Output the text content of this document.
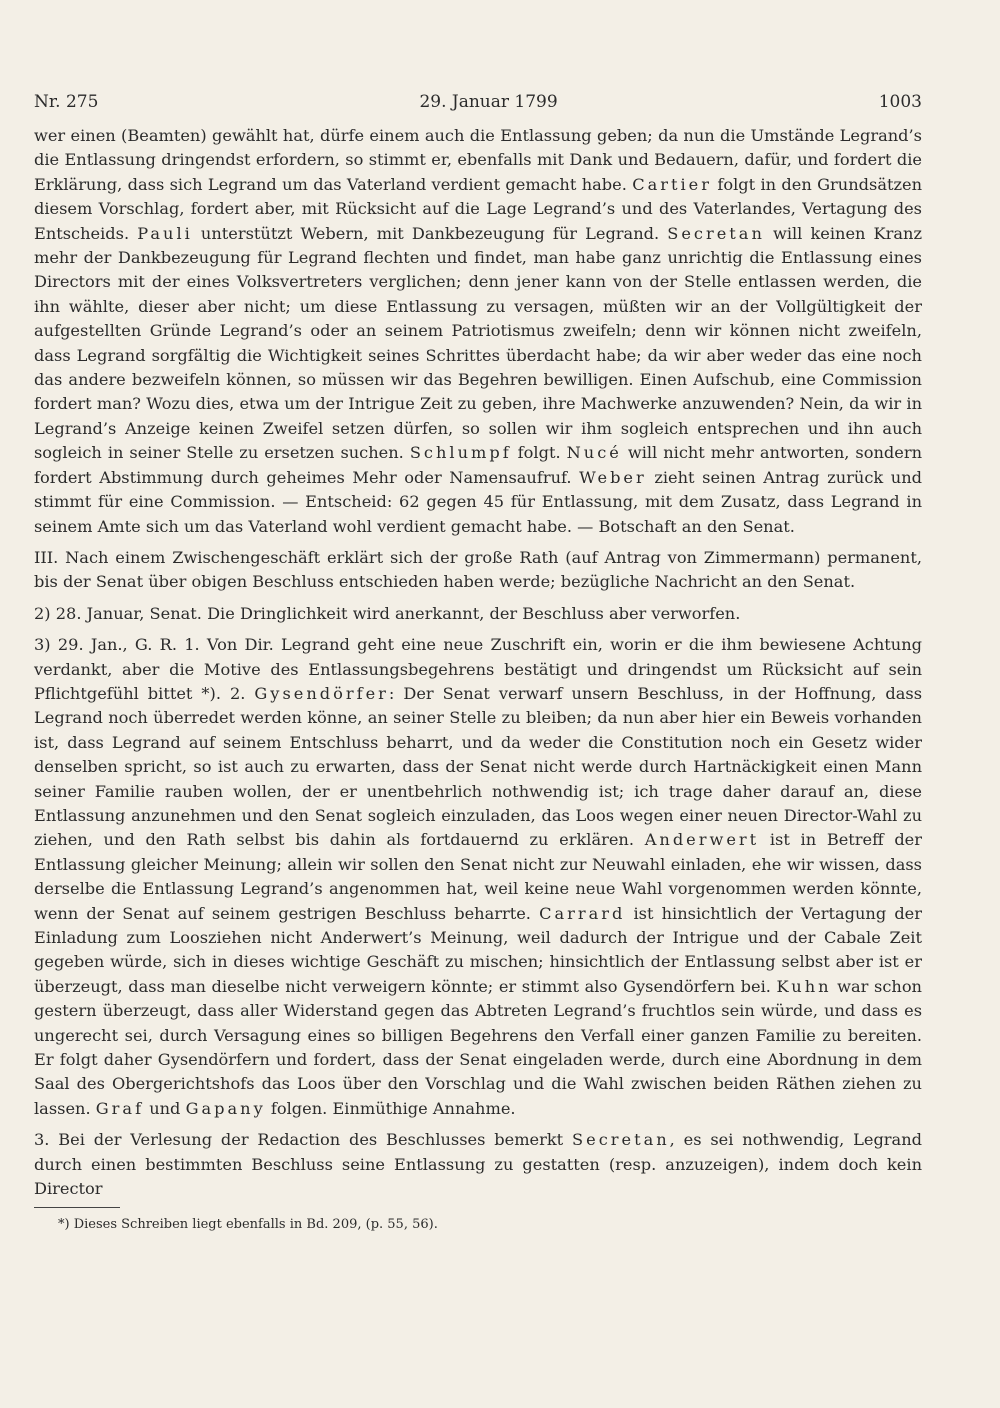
Nr. 275	29. Januar 1799	1003

wer einen (Beamten) gewählt hat, dürfe einem auch die Entlassung geben; da nun die Umstände Legrand’s die Entlassung dringendst erfordern, so stimmt er, ebenfalls mit Dank und Bedauern, dafür, und fordert die Erklärung, dass sich Legrand um das Vaterland verdient gemacht habe. Cartier folgt in den Grundsätzen diesem Vorschlag, fordert aber, mit Rücksicht auf die Lage Legrand’s und des Vaterlandes, Vertagung des Entscheids. Pauli unterstützt Webern, mit Dankbezeugung für Legrand. Secretan will keinen Kranz mehr der Dankbezeugung für Legrand flechten und findet, man habe ganz unrichtig die Entlassung eines Directors mit der eines Volksvertreters verglichen; denn jener kann von der Stelle entlassen werden, die ihn wählte, dieser aber nicht; um diese Entlassung zu versagen, müßten wir an der Vollgültigkeit der aufgestellten Gründe Legrand’s oder an seinem Patriotismus zweifeln; denn wir können nicht zweifeln, dass Legrand sorgfältig die Wichtigkeit seines Schrittes überdacht habe; da wir aber weder das eine noch das andere bezweifeln können, so müssen wir das Begehren bewilligen. Einen Aufschub, eine Commission fordert man? Wozu dies, etwa um der Intrigue Zeit zu geben, ihre Machwerke anzuwenden? Nein, da wir in Legrand’s Anzeige keinen Zweifel setzen dürfen, so sollen wir ihm sogleich entsprechen und ihn auch sogleich in seiner Stelle zu ersetzen suchen. Schlumpf folgt. Nucé will nicht mehr antworten, sondern fordert Abstimmung durch geheimes Mehr oder Namensaufruf. Weber zieht seinen Antrag zurück und stimmt für eine Commission. — Entscheid: 62 gegen 45 für Entlassung, mit dem Zusatz, dass Legrand in seinem Amte sich um das Vaterland wohl verdient gemacht habe. — Botschaft an den Senat.

III. Nach einem Zwischengeschäft erklärt sich der große Rath (auf Antrag von Zimmermann) permanent, bis der Senat über obigen Beschluss entschieden haben werde; bezügliche Nachricht an den Senat.

2) 28. Januar, Senat. Die Dringlichkeit wird anerkannt, der Beschluss aber verworfen.

3) 29. Jan., G. R. 1. Von Dir. Legrand geht eine neue Zuschrift ein, worin er die ihm bewiesene Achtung verdankt, aber die Motive des Entlassungsbegehrens bestätigt und dringendst um Rücksicht auf sein Pflichtgefühl bittet *). 2. Gysendörfer: Der Senat verwarf unsern Beschluss, in der Hoffnung, dass Legrand noch überredet werden könne, an seiner Stelle zu bleiben; da nun aber hier ein Beweis vorhanden ist, dass Legrand auf seinem Entschluss beharrt, und da weder die Constitution noch ein Gesetz wider denselben spricht, so ist auch zu erwarten, dass der Senat nicht werde durch Hartnäckigkeit einen Mann seiner Familie rauben wollen, der er unentbehrlich nothwendig ist; ich trage daher darauf an, diese Entlassung anzunehmen und den Senat sogleich einzuladen, das Loos wegen einer neuen Director-Wahl zu ziehen, und den Rath selbst bis dahin als fortdauernd zu erklären. Anderwert ist in Betreff der Entlassung gleicher Meinung; allein wir sollen den Senat nicht zur Neuwahl einladen, ehe wir wissen, dass derselbe die Entlassung Legrand’s angenommen hat, weil keine neue Wahl vorgenommen werden könnte, wenn der Senat auf seinem gestrigen Beschluss beharrte. Carrard ist hinsichtlich der Vertagung der Einladung zum Loosziehen nicht Anderwert’s Meinung, weil dadurch der Intrigue und der Cabale Zeit gegeben würde, sich in dieses wichtige Geschäft zu mischen; hinsichtlich der Entlassung selbst aber ist er überzeugt, dass man dieselbe nicht verweigern könnte; er stimmt also Gysendörfern bei. Kuhn war schon gestern überzeugt, dass aller Widerstand gegen das Abtreten Legrand’s fruchtlos sein würde, und dass es ungerecht sei, durch Versagung eines so billigen Begehrens den Verfall einer ganzen Familie zu bereiten. Er folgt daher Gysendörfern und fordert, dass der Senat eingeladen werde, durch eine Abordnung in dem Saal des Obergerichtshofs das Loos über den Vorschlag und die Wahl zwischen beiden Räthen ziehen zu lassen. Graf und Gapany folgen. Einmüthige Annahme.

3. Bei der Verlesung der Redaction des Beschlusses bemerkt Secretan, es sei nothwendig, Legrand durch einen bestimmten Beschluss seine Entlassung zu gestatten (resp. anzuzeigen), indem doch kein Director

*) Dieses Schreiben liegt ebenfalls in Bd. 209, (p. 55, 56).
